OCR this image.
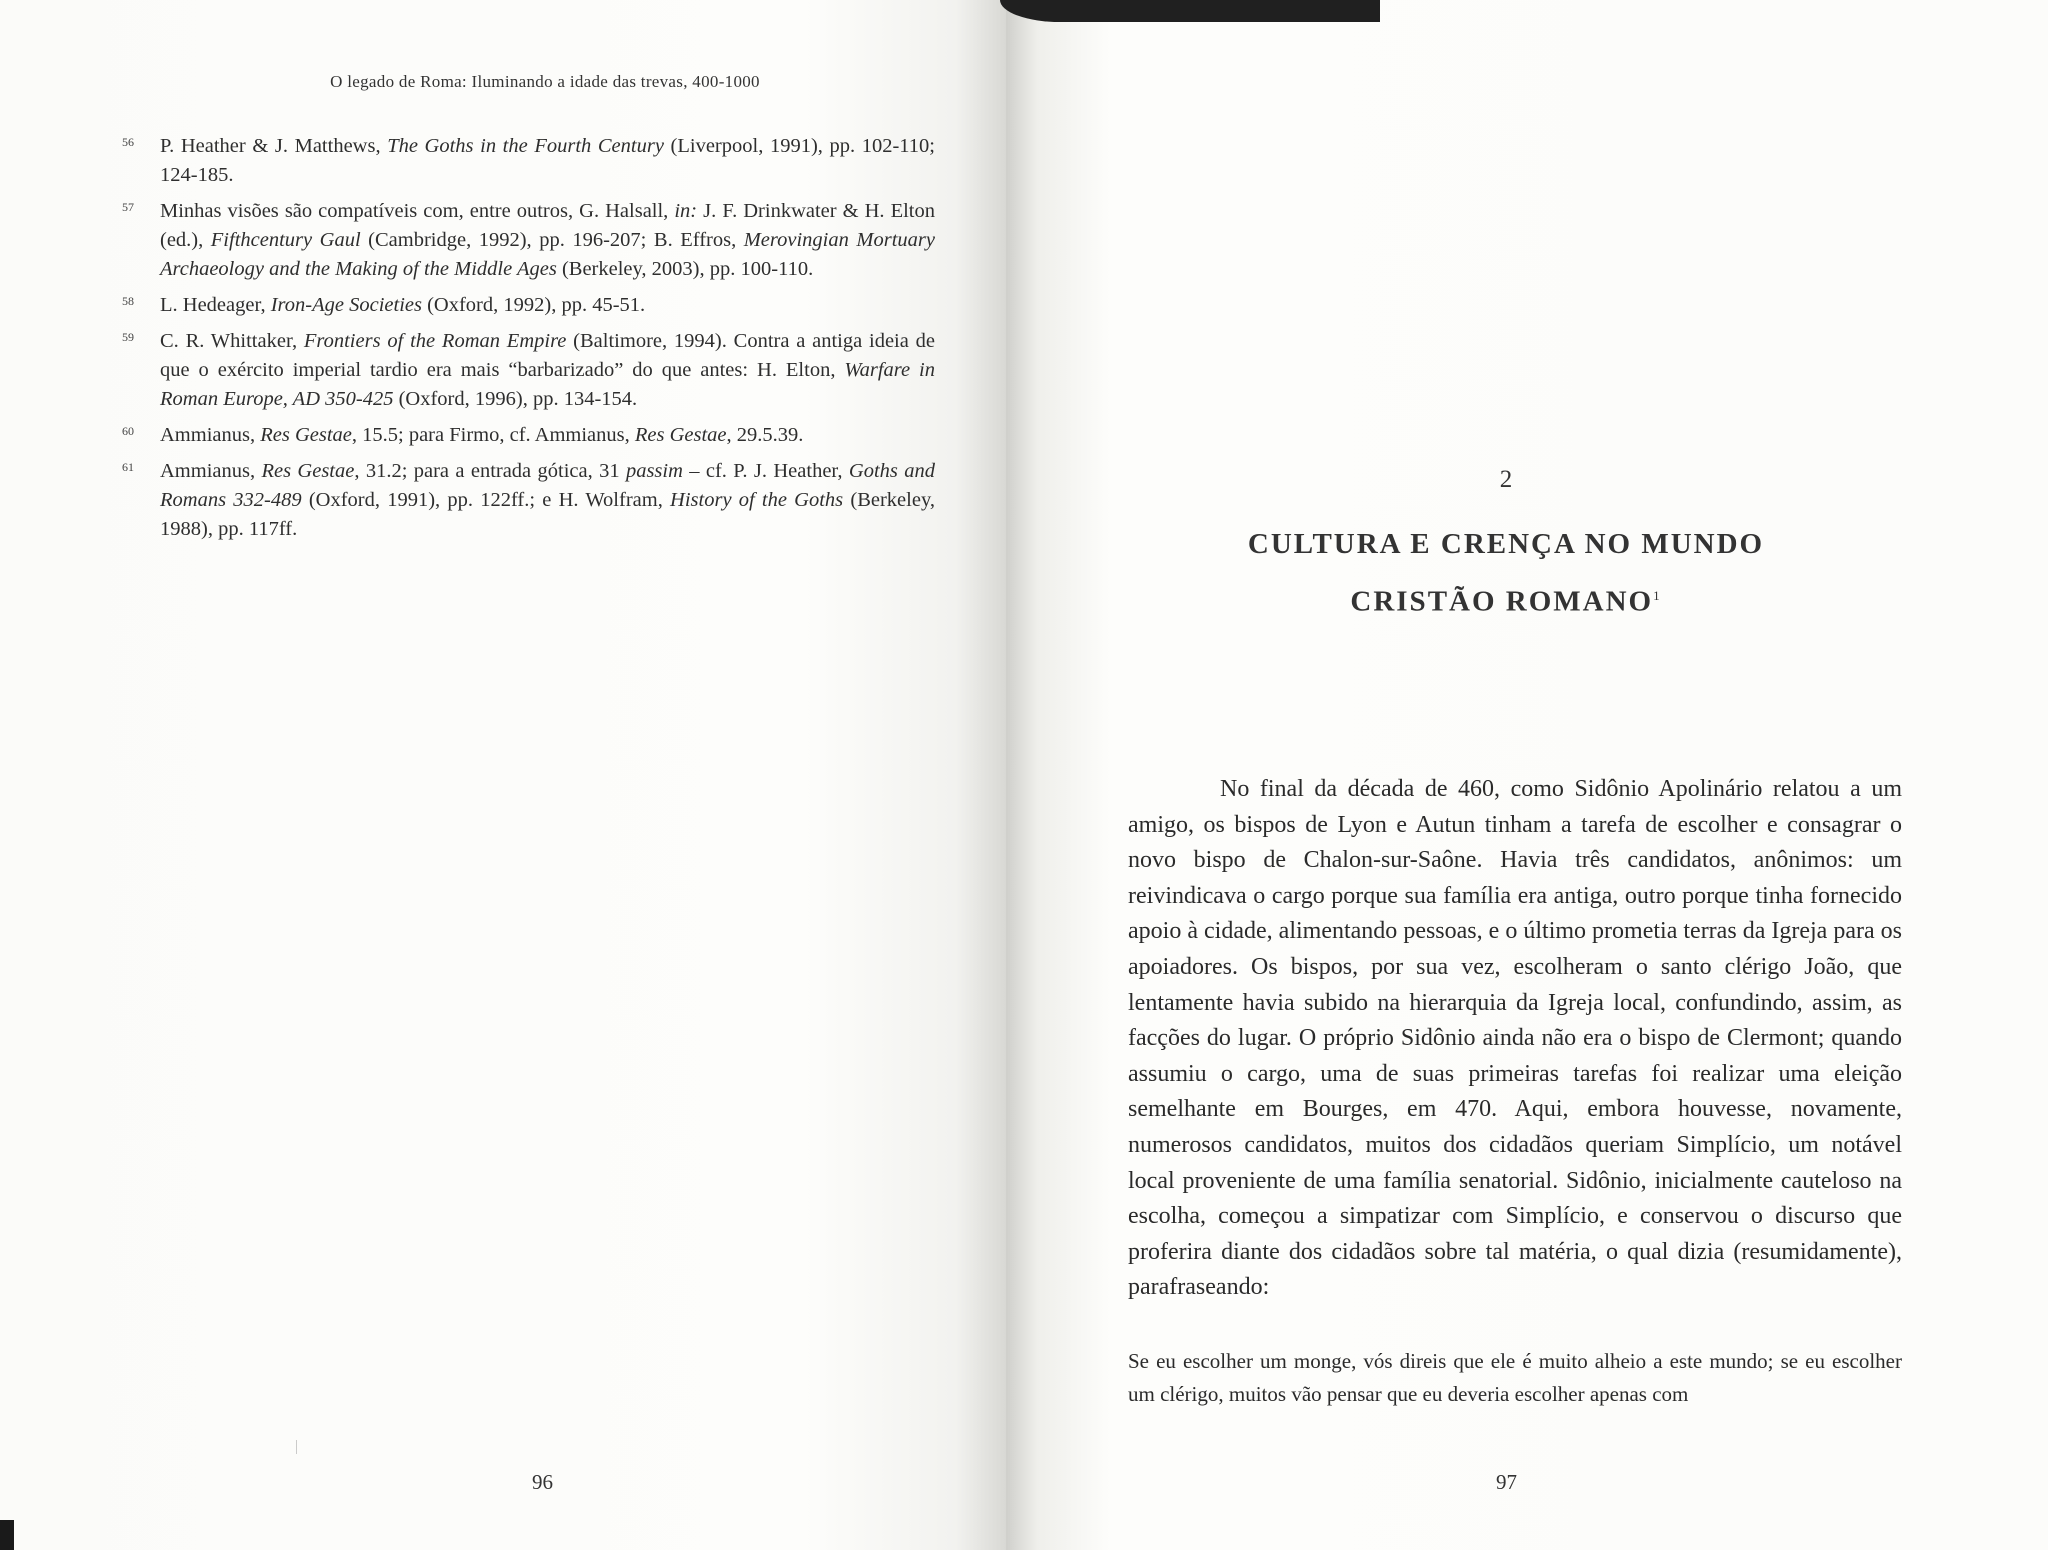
O legado de Roma: Iluminando a idade das trevas, 400-1000
56 P. Heather & J. Matthews, The Goths in the Fourth Century (Liverpool, 1991), pp. 102-110; 124-185.
57 Minhas visões são compatíveis com, entre outros, G. Halsall, in: J. F. Drinkwater & H. Elton (ed.), Fifthcentury Gaul (Cambridge, 1992), pp. 196-207; B. Effros, Merovingian Mortuary Archaeology and the Making of the Middle Ages (Berkeley, 2003), pp. 100-110.
58 L. Hedeager, Iron-Age Societies (Oxford, 1992), pp. 45-51.
59 C. R. Whittaker, Frontiers of the Roman Empire (Baltimore, 1994). Contra a antiga ideia de que o exército imperial tardio era mais “barbarizado” do que antes: H. Elton, Warfare in Roman Europe, AD 350-425 (Oxford, 1996), pp. 134-154.
60 Ammianus, Res Gestae, 15.5; para Firmo, cf. Ammianus, Res Gestae, 29.5.39.
61 Ammianus, Res Gestae, 31.2; para a entrada gótica, 31 passim – cf. P. J. Heather, Goths and Romans 332-489 (Oxford, 1991), pp. 122ff.; e H. Wolfram, History of the Goths (Berkeley, 1988), pp. 117ff.
96
2
CULTURA E CRENÇA NO MUNDO
CRISTÃO ROMANO$^1$

No final da década de 460, como Sidônio Apolinário relatou a um amigo, os bispos de Lyon e Autun tinham a tarefa de escolher e consagrar o novo bispo de Chalon-sur-Saône. Havia três candidatos, anônimos: um reivindicava o cargo porque sua família era antiga, outro porque tinha fornecido apoio à cidade, alimentando pessoas, e o último prometia terras da Igreja para os apoiadores. Os bispos, por sua vez, escolheram o santo clérigo João, que lentamente havia subido na hierarquia da Igreja local, confundindo, assim, as facções do lugar. O próprio Sidônio ainda não era o bispo de Clermont; quando assumiu o cargo, uma de suas primeiras tarefas foi realizar uma eleição semelhante em Bourges, em 470. Aqui, embora houvesse, novamente, numerosos candidatos, muitos dos cidadãos queriam Simplício, um notável local proveniente de uma família senatorial. Sidônio, inicialmente cauteloso na escolha, começou a simpatizar com Simplício, e conservou o discurso que proferira diante dos cidadãos sobre tal matéria, o qual dizia (resumidamente), parafraseando:

Se eu escolher um monge, vós direis que ele é muito alheio a este mundo; se eu escolher um clérigo, muitos vão pensar que eu deveria escolher apenas com

97
